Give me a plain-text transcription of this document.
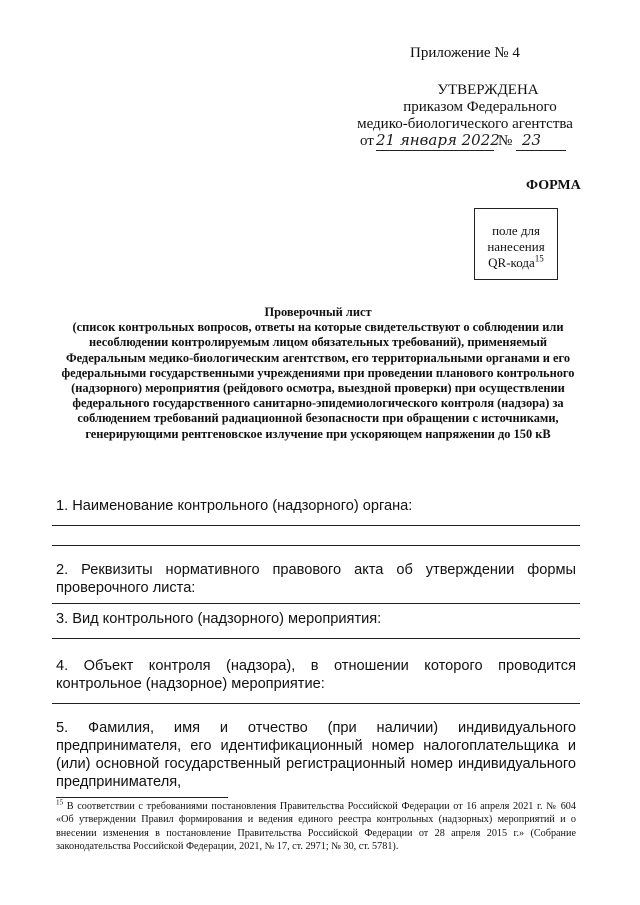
Приложение № 4
УТВЕРЖДЕНА
приказом Федерального
медико-биологического агентства
от 21 января 2022
№ 23
ФОРМА
поле для нанесения QR-кода$^{15}$
Проверочный лист
(список контрольных вопросов, ответы на которые свидетельствуют о соблюдении или несоблюдении контролируемым лицом обязательных требований), применяемый Федеральным медико-биологическим агентством, его территориальными органами и его федеральными государственными учреждениями при проведении планового контрольного (надзорного) мероприятия (рейдового осмотра, выездной проверки) при осуществлении федерального государственного санитарно-эпидемиологического контроля (надзора) за соблюдением требований радиационной безопасности при обращении с источниками, генерирующими рентгеновское излучение при ускоряющем напряжении до 150 кВ
1. Наименование контрольного (надзорного) органа:
2. Реквизиты нормативного правового акта об утверждении формы проверочного листа:
3. Вид контрольного (надзорного) мероприятия:
4. Объект контроля (надзора), в отношении которого проводится контрольное (надзорное) мероприятие:
5. Фамилия, имя и отчество (при наличии) индивидуального предпринимателя, его идентификационный номер налогоплательщика и (или) основной государственный регистрационный номер индивидуального предпринимателя,
$^{15}$ В соответствии с требованиями постановления Правительства Российской Федерации от 16 апреля 2021 г. № 604 «Об утверждении Правил формирования и ведения единого реестра контрольных (надзорных) мероприятий и о внесении изменения в постановление Правительства Российской Федерации от 28 апреля 2015 г.» (Собрание законодательства Российской Федерации, 2021, № 17, ст. 2971; № 30, ст. 5781).
